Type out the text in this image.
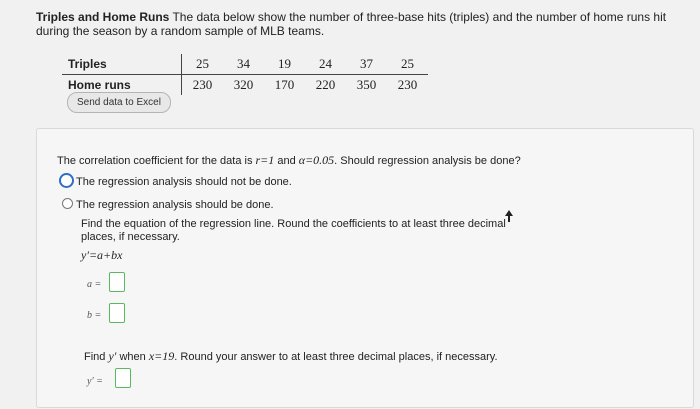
Triples and Home Runs The data below show the number of three-base hits (triples) and the number of home runs hit during the season by a random sample of MLB teams.
Triples	25	34	19	24	37	25
Home runs	230	320	170	220	350	230
Send data to Excel
The correlation coefficient for the data is r=1 and α=0.05. Should regression analysis be done?
The regression analysis should not be done.
The regression analysis should be done.
Find the equation of the regression line. Round the coefficients to at least three decimal places, if necessary.
y′=a+bx
a =
b =
Find y′ when x=19. Round your answer to at least three decimal places, if necessary.
y′ =
